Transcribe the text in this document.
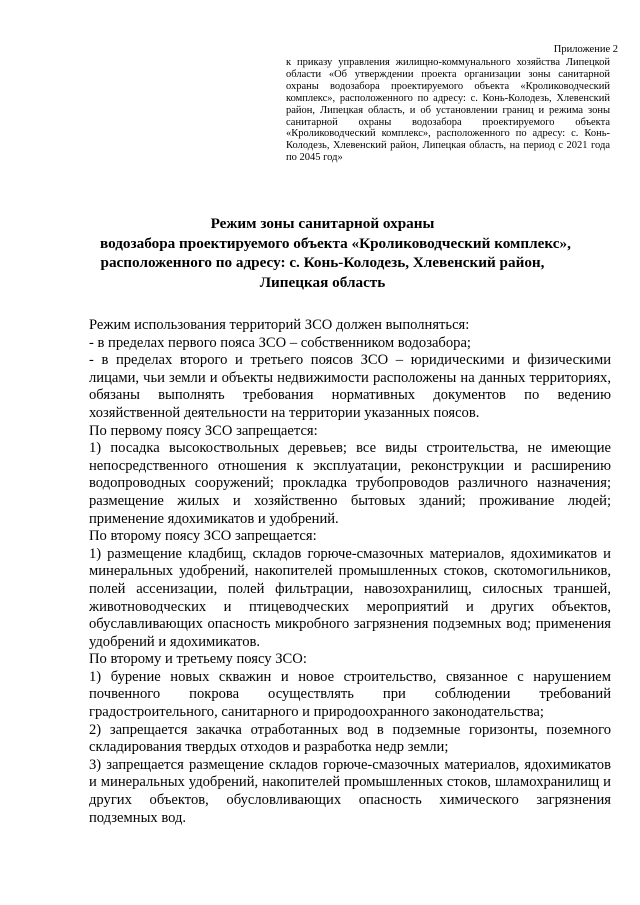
Приложение 2
к приказу управления жилищно-коммунального хозяйства Липецкой области «Об утверждении проекта организации зоны санитарной охраны водозабора проектируемого объекта «Кролиководческий комплекс», расположенного по адресу: с. Конь-Колодезь, Хлевенский район, Липецкая область, и об установлении границ и режима зоны санитарной охраны водозабора проектируемого объекта «Кролиководческий комплекс», расположенного по адресу: с. Конь-Колодезь, Хлевенский район, Липецкая область, на период с 2021 года по 2045 год»
Режим зоны санитарной охраны
водозабора проектируемого объекта «Кролиководческий комплекс»,
расположенного по адресу: с. Конь-Колодезь, Хлевенский район,
Липецкая область

Режим использования территорий ЗСО должен выполняться:

- в пределах первого пояса ЗСО – собственником водозабора;

- в пределах второго и третьего поясов ЗСО – юридическими и физическими лицами, чьи земли и объекты недвижимости расположены на данных территориях, обязаны выполнять требования нормативных документов по ведению хозяйственной деятельности на территории указанных поясов.

По первому поясу ЗСО запрещается:

1) посадка высокоствольных деревьев; все виды строительства, не имеющие непосредственного отношения к эксплуатации, реконструкции и расширению водопроводных сооружений; прокладка трубопроводов различного назначения; размещение жилых и хозяйственно бытовых зданий; проживание людей; применение ядохимикатов и удобрений.

По второму поясу ЗСО запрещается:

1) размещение кладбищ, складов горюче-смазочных материалов, ядохимикатов и минеральных удобрений, накопителей промышленных стоков, скотомогильников, полей ассенизации, полей фильтрации, навозохранилищ, силосных траншей, животноводческих и птицеводческих мероприятий и других объектов, обуславливающих опасность микробного загрязнения подземных вод; применения удобрений и ядохимикатов.

По второму и третьему поясу ЗСО:

1) бурение новых скважин и новое строительство, связанное с нарушением почвенного покрова осуществлять при соблюдении требований градостроительного, санитарного и природоохранного законодательства;

2) запрещается закачка отработанных вод в подземные горизонты, поземного складирования твердых отходов и разработка недр земли;

3) запрещается размещение складов горюче-смазочных материалов, ядохимикатов и минеральных удобрений, накопителей промышленных стоков, шламохранилищ и других объектов, обусловливающих опасность химического загрязнения подземных вод.
